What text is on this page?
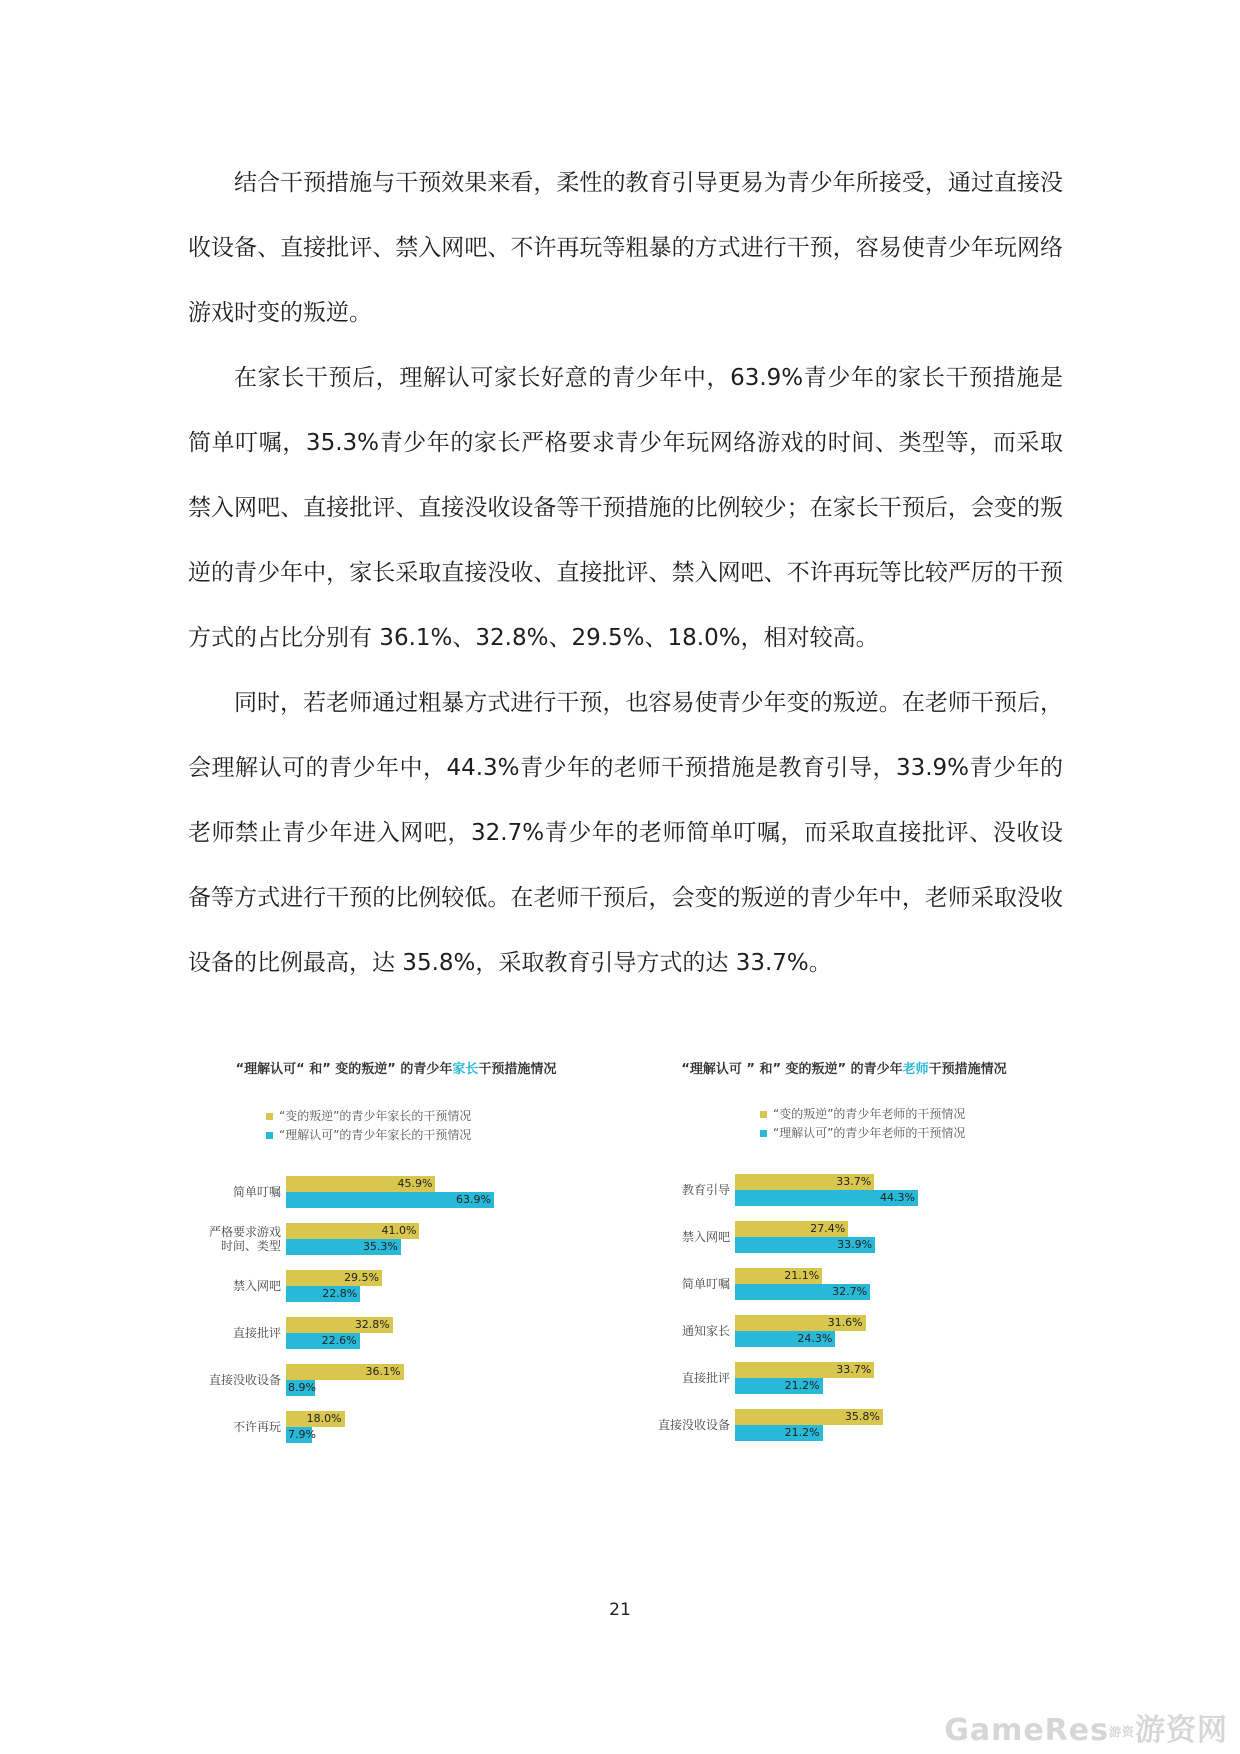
结合干预措施与干预效果来看，柔性的教育引导更易为青少年所接受，通过直接没收设备、直接批评、禁入网吧、不许再玩等粗暴的方式进行干预，容易使青少年玩网络游戏时变的叛逆。

在家长干预后，理解认可家长好意的青少年中，63.9%青少年的家长干预措施是简单叮嘱，35.3%青少年的家长严格要求青少年玩网络游戏的时间、类型等，而采取禁入网吧、直接批评、直接没收设备等干预措施的比例较少；在家长干预后，会变的叛逆的青少年中，家长采取直接没收、直接批评、禁入网吧、不许再玩等比较严厉的干预方式的占比分别有 36.1%、32.8%、29.5%、18.0%，相对较高。

同时，若老师通过粗暴方式进行干预，也容易使青少年变的叛逆。在老师干预后，会理解认可的青少年中，44.3%青少年的老师干预措施是教育引导，33.9%青少年的老师禁止青少年进入网吧，32.7%青少年的老师简单叮嘱，而采取直接批评、没收设备等方式进行干预的比例较低。在老师干预后，会变的叛逆的青少年中，老师采取没收设备的比例最高，达 35.8%，采取教育引导方式的达 33.7%。

“理解认可“ 和” 变的叛逆” 的青少年家长干预措施情况
“变的叛逆”的青少年家长的干预情况
“理解认可”的青少年家长的干预情况
简单叮嘱
45.9%
63.9%
严格要求游戏
时间、类型
41.0%
35.3%
禁入网吧
29.5%
22.8%
直接批评
32.8%
22.6%
直接没收设备
36.1%
8.9%
不许再玩
18.0%
7.9%
“理解认可 ” 和” 变的叛逆” 的青少年老师干预措施情况
“变的叛逆”的青少年老师的干预情况
“理解认可”的青少年老师的干预情况
教育引导
33.7%
44.3%
禁入网吧
27.4%
33.9%
简单叮嘱
21.1%
32.7%
通知家长
31.6%
24.3%
直接批评
33.7%
21.2%
直接没收设备
35.8%
21.2%
21
GameRes游资游资网
